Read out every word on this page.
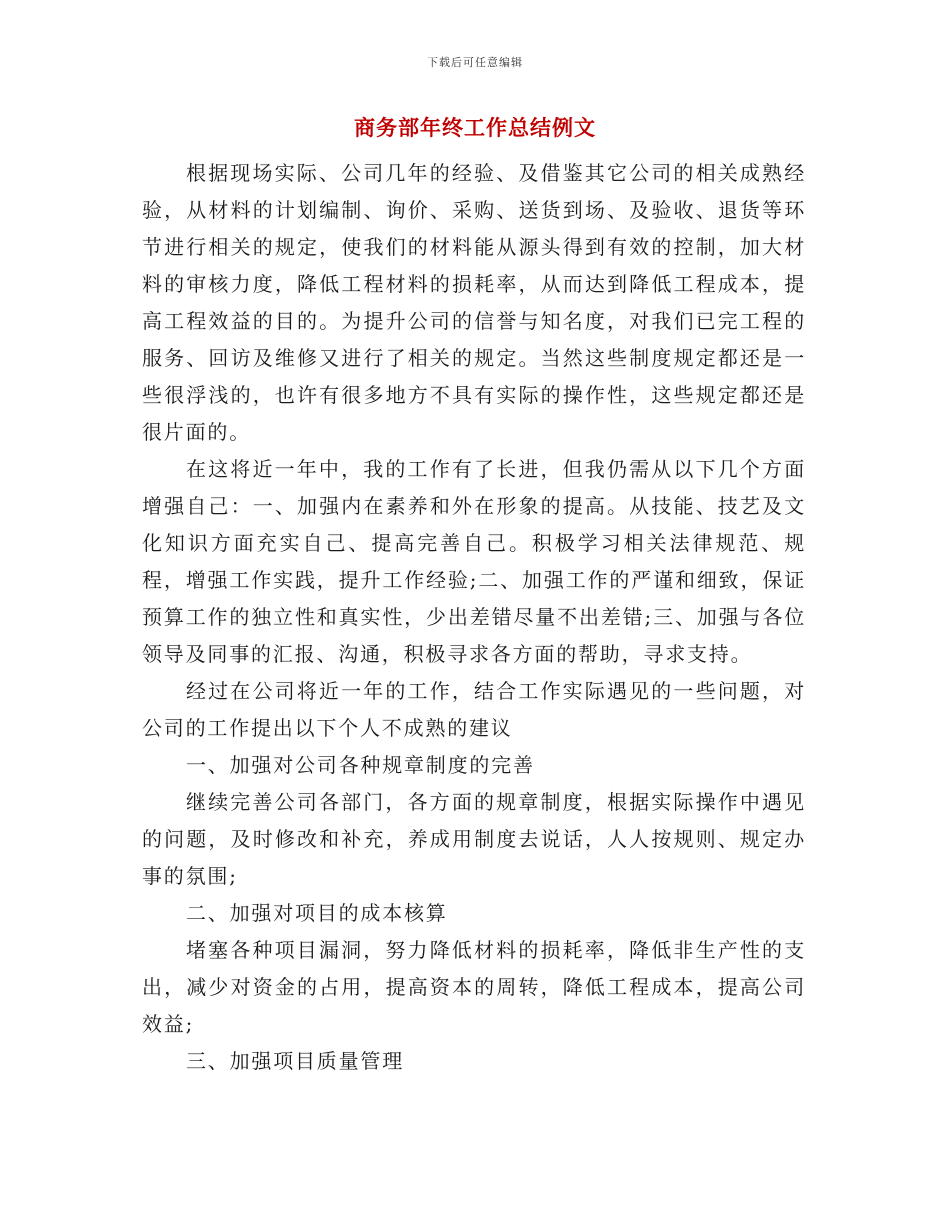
下载后可任意编辑
商务部年终工作总结例文

根据现场实际、公司几年的经验、及借鉴其它公司的相关成熟经验，从材料的计划编制、询价、采购、送货到场、及验收、退货等环节进行相关的规定，使我们的材料能从源头得到有效的控制，加大材料的审核力度，降低工程材料的损耗率，从而达到降低工程成本，提高工程效益的目的。为提升公司的信誉与知名度，对我们已完工程的服务、回访及维修又进行了相关的规定。当然这些制度规定都还是一些很浮浅的，也许有很多地方不具有实际的操作性，这些规定都还是很片面的。

在这将近一年中，我的工作有了长进，但我仍需从以下几个方面增强自己：一、加强内在素养和外在形象的提高。从技能、技艺及文化知识方面充实自己、提高完善自己。积极学习相关法律规范、规程，增强工作实践，提升工作经验;二、加强工作的严谨和细致，保证预算工作的独立性和真实性，少出差错尽量不出差错;三、加强与各位领导及同事的汇报、沟通，积极寻求各方面的帮助，寻求支持。

经过在公司将近一年的工作，结合工作实际遇见的一些问题，对公司的工作提出以下个人不成熟的建议

一、加强对公司各种规章制度的完善

继续完善公司各部门，各方面的规章制度，根据实际操作中遇见的问题，及时修改和补充，养成用制度去说话，人人按规则、规定办事的氛围;

二、加强对项目的成本核算

堵塞各种项目漏洞，努力降低材料的损耗率，降低非生产性的支出，减少对资金的占用，提高资本的周转，降低工程成本，提高公司效益;

三、加强项目质量管理
